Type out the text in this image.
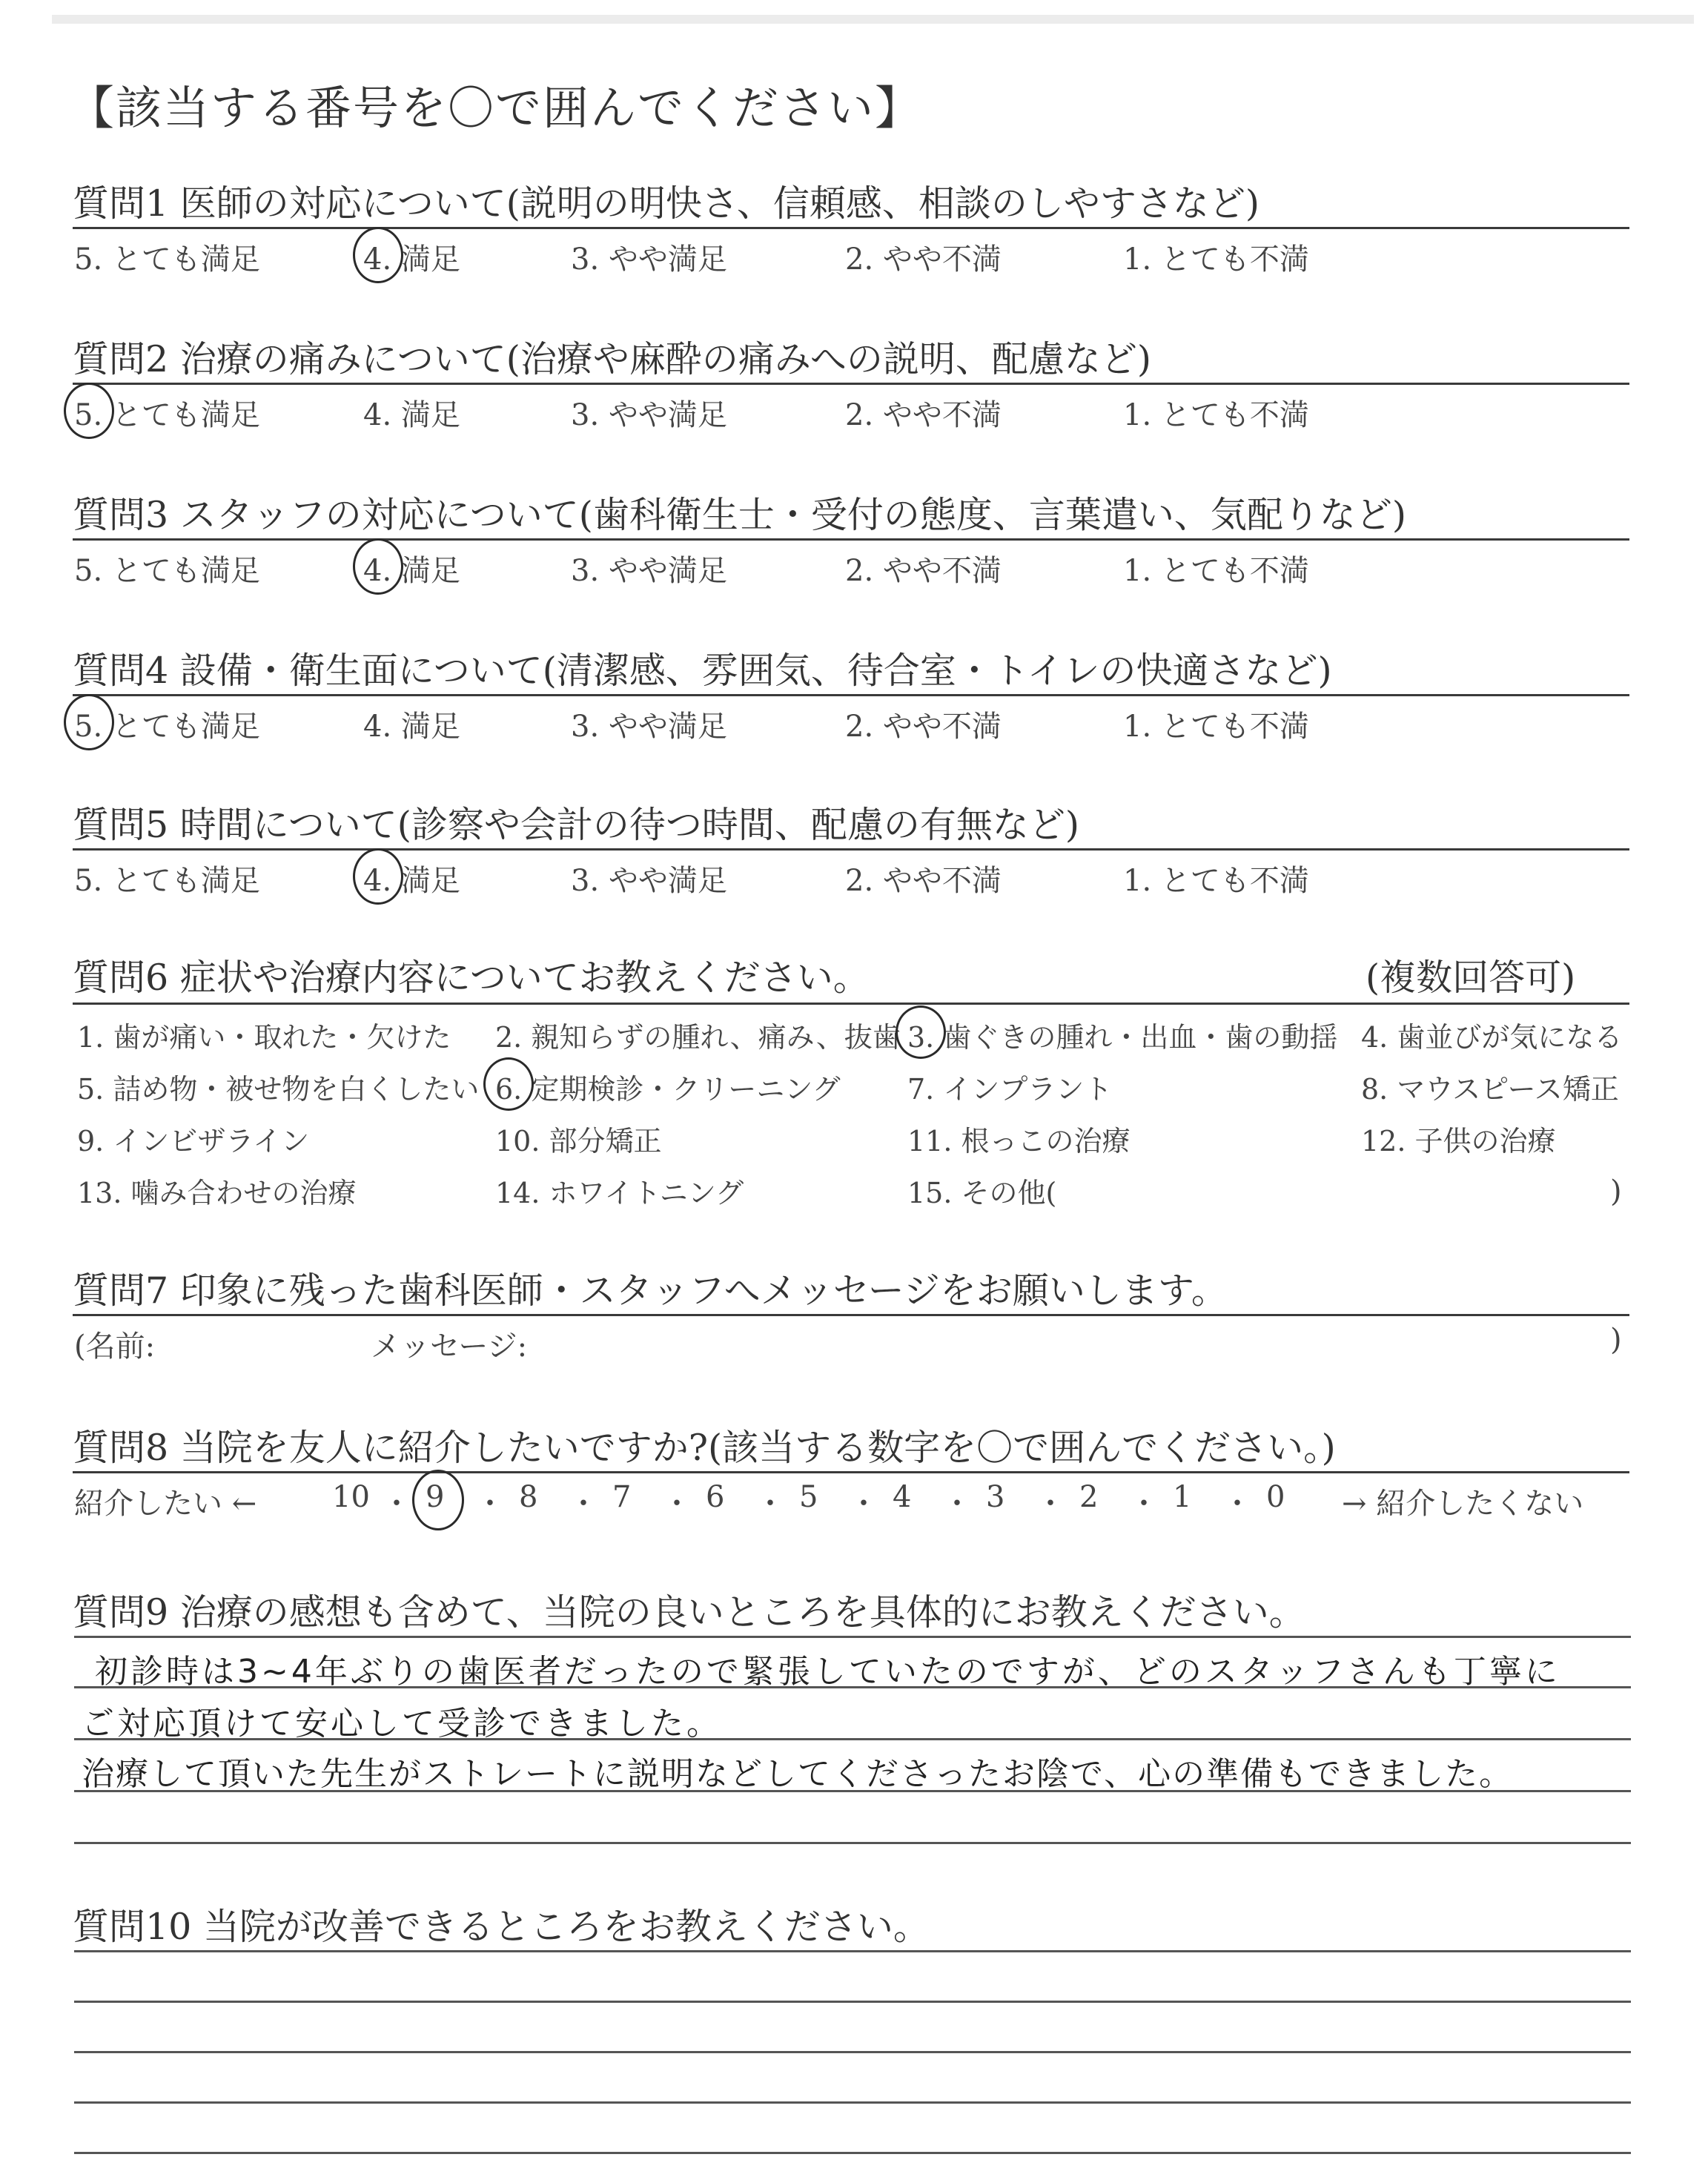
【該当する番号を〇で囲んでください】
質問1 医師の対応について(説明の明快さ、信頼感、相談のしやすさなど)
5. とても満足	4. 満足	3. やや満足	2. やや不満	1. とても不満
質問2 治療の痛みについて(治療や麻酔の痛みへの説明、配慮など)
5. とても満足	4. 満足	3. やや満足	2. やや不満	1. とても不満
質問3 スタッフの対応について(歯科衛生士・受付の態度、言葉遣い、気配りなど)
5. とても満足	4. 満足	3. やや満足	2. やや不満	1. とても不満
質問4 設備・衛生面について(清潔感、雰囲気、待合室・トイレの快適さなど)
5. とても満足	4. 満足	3. やや満足	2. やや不満	1. とても不満
質問5 時間について(診察や会計の待つ時間、配慮の有無など)
5. とても満足	4. 満足	3. やや満足	2. やや不満	1. とても不満
質問6 症状や治療内容についてお教えください。	(複数回答可)
1. 歯が痛い・取れた・欠けた 2. 親知らずの腫れ、痛み、抜歯 3. 歯ぐきの腫れ・出血・歯の動揺 4. 歯並びが気になる
5. 詰め物・被せ物を白くしたい 6. 定期検診・クリーニング 7. インプラント	8. マウスピース矯正
9. インビザライン	10. 部分矯正	11. 根っこの治療	12. 子供の治療
13. 噛み合わせの治療	14. ホワイトニング	15. その他(	)
質問7 印象に残った歯科医師・スタッフへメッセージをお願いします。
(名前:	メッセージ:	)
質問8 当院を友人に紹介したいですか?(該当する数字を〇で囲んでください。)
紹介したい ←	→ 紹介したくない
10 ・ 9 ・ 8 ・ 7 ・ 6 ・ 5 ・ 4 ・ 3 ・ 2 ・ 1 ・ 0
質問9 治療の感想も含めて、当院の良いところを具体的にお教えください。
初診時は3~4年ぶりの歯医者だったので緊張していたのですが、どのスタッフさんも丁寧に
ご対応頂けて安心して受診できました。
治療して頂いた先生がストレートに説明などしてくださったお陰で、心の準備もできました。
質問10 当院が改善できるところをお教えください。
